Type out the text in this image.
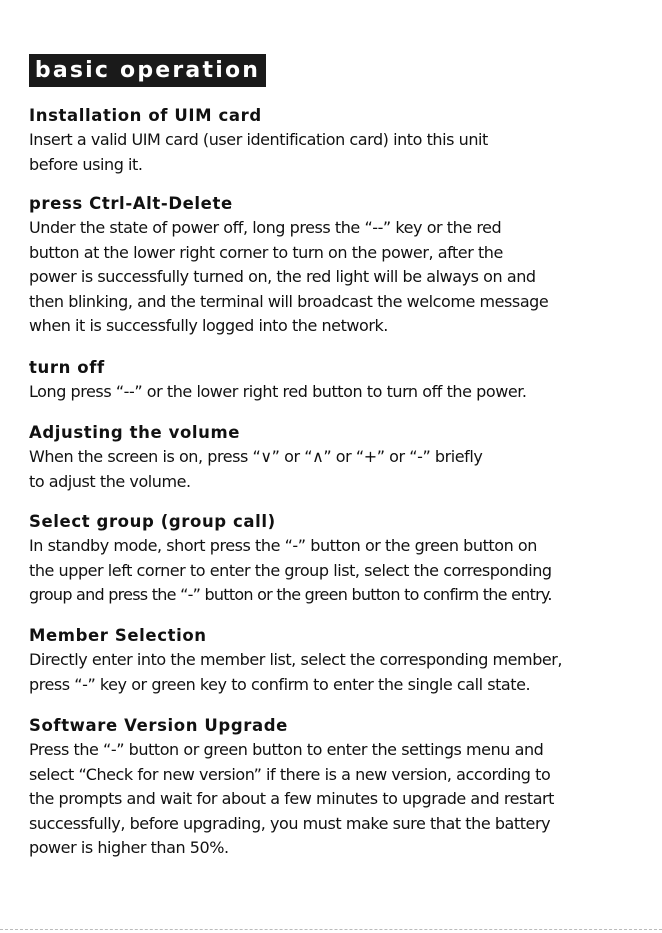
basic operation
Installation of UIM card
Insert a valid UIM card (user identification card) into this unit
before using it.
press Ctrl-Alt-Delete
Under the state of power off, long press the “--” key or the red
button at the lower right corner to turn on the power, after the
power is successfully turned on, the red light will be always on and
then blinking, and the terminal will broadcast the welcome message
when it is successfully logged into the network.
turn off
Long press “--” or the lower right red button to turn off the power.
Adjusting the volume
When the screen is on, press “∨” or “∧” or “+” or “-” briefly
to adjust the volume.
Select group (group call)
In standby mode, short press the “-” button or the green button on
the upper left corner to enter the group list, select the corresponding
group and press the “-” button or the green button to confirm the entry.
Member Selection
Directly enter into the member list, select the corresponding member,
press “-” key or green key to confirm to enter the single call state.
Software Version Upgrade
Press the “-” button or green button to enter the settings menu and
select “Check for new version” if there is a new version, according to
the prompts and wait for about a few minutes to upgrade and restart
successfully, before upgrading, you must make sure that the battery
power is higher than 50%.
